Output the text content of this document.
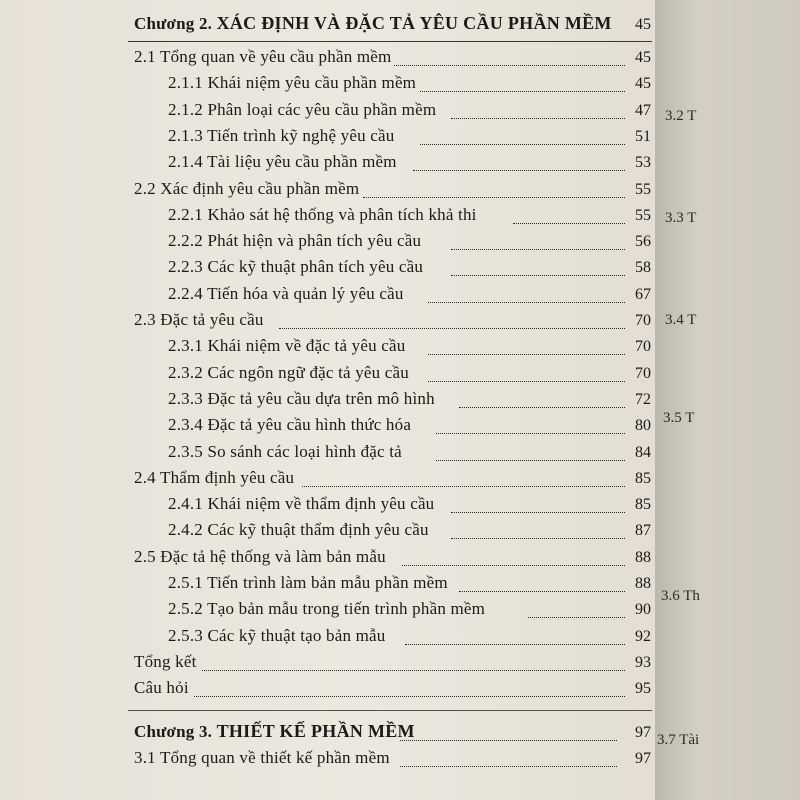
Chương 2. XÁC ĐỊNH VÀ ĐẶC TẢ YÊU CẦU PHẦN MỀM 45
2.1 Tổng quan về yêu cầu phần mềm	45
2.1.1 Khái niệm yêu cầu phần mềm	45
2.1.2 Phân loại các yêu cầu phần mềm	47
2.1.3 Tiến trình kỹ nghệ yêu cầu	51
2.1.4 Tài liệu yêu cầu phần mềm	53
2.2 Xác định yêu cầu phần mềm	55
2.2.1 Khảo sát hệ thống và phân tích khả thi	55
2.2.2 Phát hiện và phân tích yêu cầu	56
2.2.3 Các kỹ thuật phân tích yêu cầu	58
2.2.4 Tiến hóa và quản lý yêu cầu	67
2.3 Đặc tả yêu cầu	70
2.3.1 Khái niệm về đặc tả yêu cầu	70
2.3.2 Các ngôn ngữ đặc tả yêu cầu	70
2.3.3 Đặc tả yêu cầu dựa trên mô hình	72
2.3.4 Đặc tả yêu cầu hình thức hóa	80
2.3.5 So sánh các loại hình đặc tả	84
2.4 Thẩm định yêu cầu	85
2.4.1 Khái niệm về thẩm định yêu cầu	85
2.4.2 Các kỹ thuật thẩm định yêu cầu	87
2.5 Đặc tả hệ thống và làm bản mẫu	88
2.5.1 Tiến trình làm bản mẫu phần mềm	88
2.5.2 Tạo bản mẫu trong tiến trình phần mềm	90
2.5.3 Các kỹ thuật tạo bản mẫu	92
Tổng kết	93
Câu hỏi	95
Chương 3. THIẾT KẾ PHẦN MỀM	97
3.1 Tổng quan về thiết kế phần mềm	97
3.2 T
3.3 T
3.4 T
3.5 T
3.6 Th
3.7 Tài
